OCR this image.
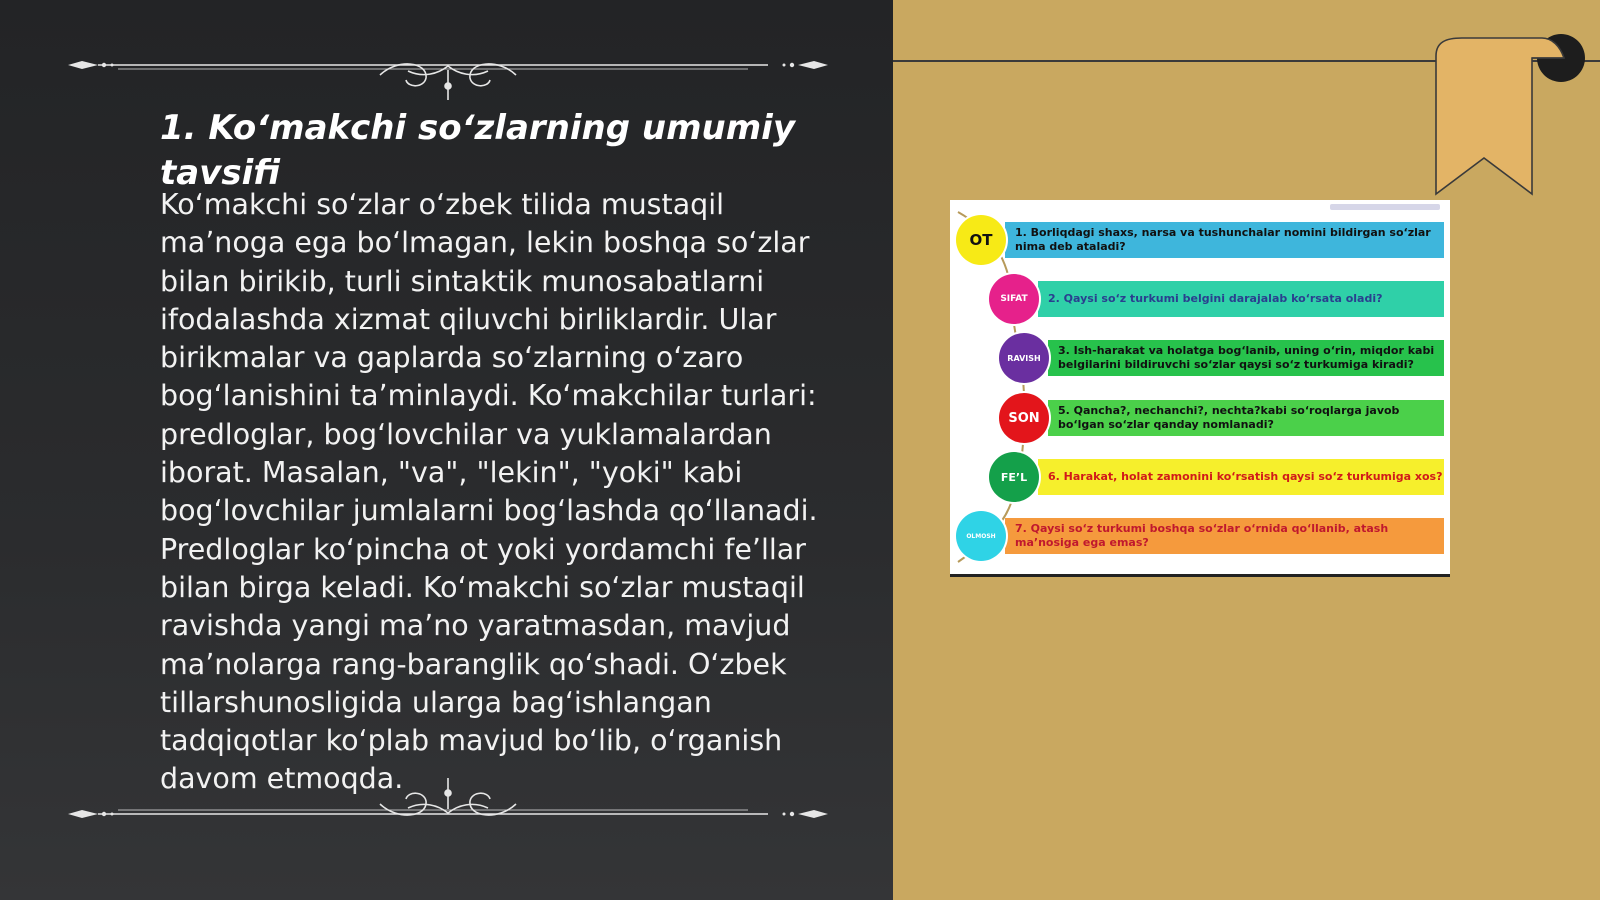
1. Koʻmakchi soʻzlarning umumiy tavsifi

Koʻmakchi soʻzlar oʻzbek tilida mustaqil maʼnoga ega boʻlmagan, lekin boshqa soʻzlar bilan birikib, turli sintaktik munosabatlarni ifodalashda xizmat qiluvchi birliklardir. Ular birikmalar va gaplarda soʻzlarning oʻzaro bogʻlanishini taʼminlaydi. Koʻmakchilar turlari: predloglar, bogʻlovchilar va yuklamalardan iborat. Masalan, "va", "lekin", "yoki" kabi bogʻlovchilar jumlalarni bogʻlashda qoʻllanadi. Predloglar koʻpincha ot yoki yordamchi feʼllar bilan birga keladi. Koʻmakchi soʻzlar mustaqil ravishda yangi maʼno yaratmasdan, mavjud maʼnolarga rang-baranglik qoʻshadi. Oʻzbek tillarshunosligida ularga bagʻishlangan tadqiqotlar koʻplab mavjud boʻlib, oʻrganish davom etmoqda.

1. Borliqdagi shaxs, narsa va tushunchalar nomini bildirgan so‘zlar nima deb ataladi?
OT
2. Qaysi so‘z turkumi belgini darajalab ko‘rsata oladi?
SIFAT
3. Ish-harakat va holatga bog‘lanib, uning o‘rin, miqdor kabi belgilarini bildiruvchi so‘zlar qaysi so‘z turkumiga kiradi?
RAVISH
5. Qancha?, nechanchi?, nechta?kabi so‘roqlarga javob bo‘lgan so‘zlar qanday nomlanadi?
SON
6. Harakat, holat zamonini ko‘rsatish qaysi so‘z turkumiga xos?
FE’L
7. Qaysi so‘z turkumi boshqa so‘zlar o‘rnida qo‘llanib, atash ma’nosiga ega emas?
OLMOSH
